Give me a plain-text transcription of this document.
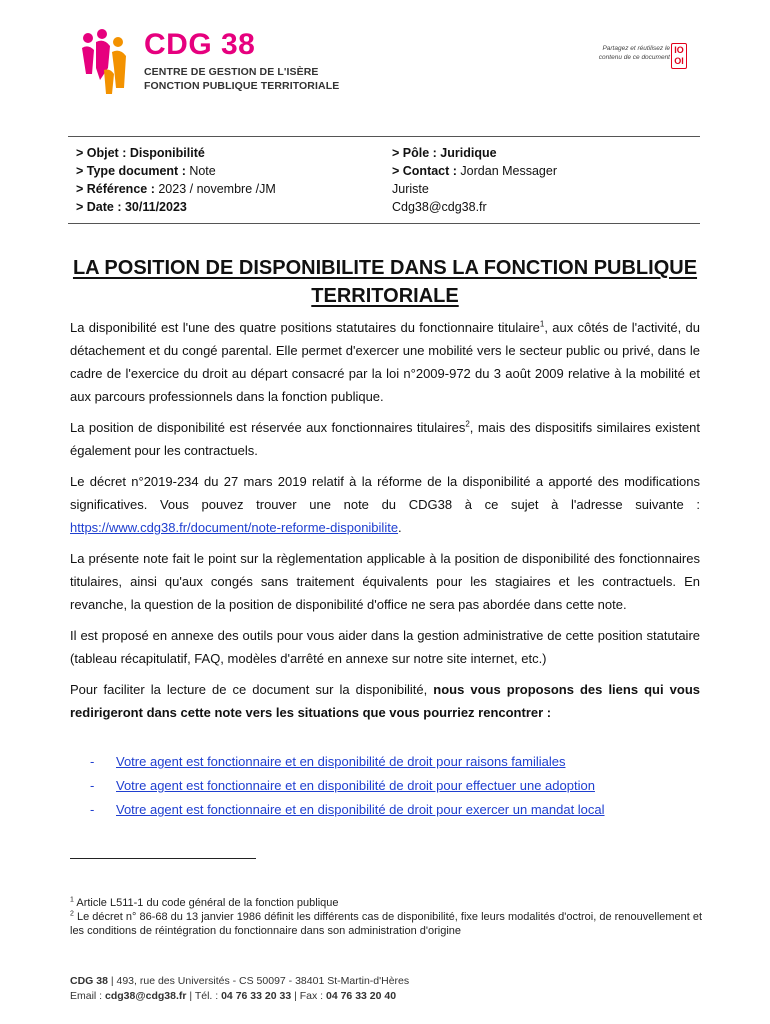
CDG 38
CENTRE DE GESTION DE L'ISÈRE
FONCTION PUBLIQUE TERRITORIALE
Partagez et réutilisez le contenu de ce document
IO
OI
> Objet : Disponibilité
> Type document : Note
> Référence : 2023 / novembre /JM
> Date : 30/11/2023
> Pôle : Juridique
> Contact : Jordan Messager
Juriste
Cdg38@cdg38.fr
LA POSITION DE DISPONIBILITE DANS LA FONCTION PUBLIQUE TERRITORIALE

La disponibilité est l'une des quatre positions statutaires du fonctionnaire titulaire$^1$, aux côtés de l'activité, du détachement et du congé parental. Elle permet d'exercer une mobilité vers le secteur public ou privé, dans le cadre de l'exercice du droit au départ consacré par la loi n°2009-972 du 3 août 2009 relative à la mobilité et aux parcours professionnels dans la fonction publique.

La position de disponibilité est réservée aux fonctionnaires titulaires$^2$, mais des dispositifs similaires existent également pour les contractuels.

Le décret n°2019-234 du 27 mars 2019 relatif à la réforme de la disponibilité a apporté des modifications significatives. Vous pouvez trouver une note du CDG38 à ce sujet à l'adresse suivante : https://www.cdg38.fr/document/note-reforme-disponibilite.

La présente note fait le point sur la règlementation applicable à la position de disponibilité des fonctionnaires titulaires, ainsi qu'aux congés sans traitement équivalents pour les stagiaires et les contractuels. En revanche, la question de la position de disponibilité d'office ne sera pas abordée dans cette note.

Il est proposé en annexe des outils pour vous aider dans la gestion administrative de cette position statutaire (tableau récapitulatif, FAQ, modèles d'arrêté en annexe sur notre site internet, etc.)

Pour faciliter la lecture de ce document sur la disponibilité, nous vous proposons des liens qui vous redirigeront dans cette note vers les situations que vous pourriez rencontrer :

- Votre agent est fonctionnaire et en disponibilité de droit pour raisons familiales
- Votre agent est fonctionnaire et en disponibilité de droit pour effectuer une adoption
- Votre agent est fonctionnaire et en disponibilité de droit pour exercer un mandat local
$^1$ Article L511-1 du code général de la fonction publique
$^2$ Le décret n° 86-68 du 13 janvier 1986 définit les différents cas de disponibilité, fixe leurs modalités d'octroi, de renouvellement et les conditions de réintégration du fonctionnaire dans son administration d'origine
CDG 38 | 493, rue des Universités - CS 50097 - 38401 St-Martin-d'Hères
Email : cdg38@cdg38.fr | Tél. : 04 76 33 20 33 | Fax : 04 76 33 20 40
